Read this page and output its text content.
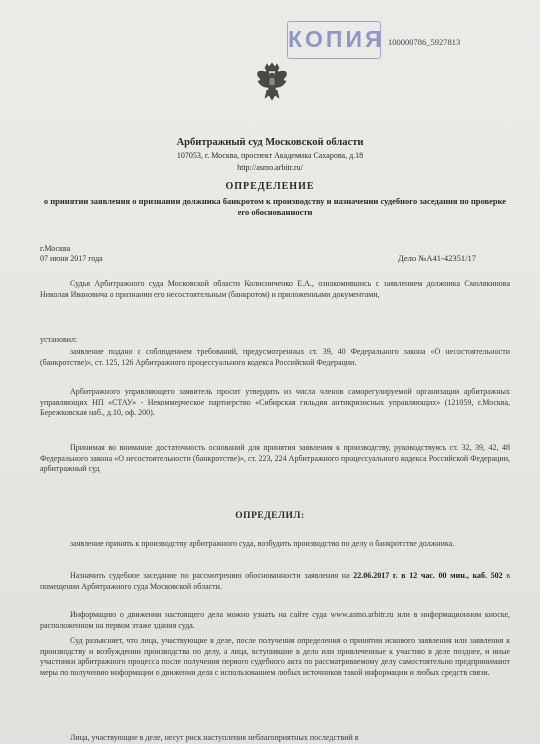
КОПИЯ 100000786_5927813
Арбитражный суд Московской области
107053, г. Москва, проспект Академика Сахарова, д.18
http://asmo.arbitr.ru/
ОПРЕДЕЛЕНИЕ
о принятии заявления о признании должника банкротом к производству и назначении судебного заседания по проверке его обоснованности
г.Москва
07 июня 2017 года	Дело №А41-42351/17
Судья Арбитражного суда Московской области Колисниченко Е.А., ознакомившись с заявлением должника Смолякинова Николая Ивановича о признании его несостоятельным (банкротом) и приложенными документами,
установил:
заявление подано с соблюдением требований, предусмотренных ст. 39, 40 Федерального закона «О несостоятельности (банкротстве)», ст. 125, 126 Арбитражного процессуального кодекса Российской Федерации.
Арбитражного управляющего заявитель просит утвердить из числа членов саморегулируемой организации арбитражных управляющих НП «СТАУ» - Некоммерческое партнерство «Сибирская гильдия антикризисных управляющих» (121059, г.Москва, Бережковская наб., д.10, оф. 200).
Принимая во внимание достаточность оснований для принятия заявления к производству, руководствуясь ст. 32, 39, 42, 48 Федерального закона «О несостоятельности (банкротстве)», ст. 223, 224 Арбитражного процессуального кодекса Российской Федерации, арбитражный суд
ОПРЕДЕЛИЛ:
заявление принять к производству арбитражного суда, возбудить производство по делу о банкротстве должника.
Назначить судебное заседание по рассмотрению обоснованности заявления на 22.06.2017 г. в 12 час. 00 мин., каб. 502 в помещении Арбитражного суда Московской области.
Информацию о движении настоящего дела можно узнать на сайте суда www.asmo.arbitr.ru или в информационном киоске, расположенном на первом этаже здания суда.
Суд разъясняет, что лица, участвующие в деле, после получения определения о принятии искового заявления или заявления к производству и возбуждении производства по делу, а лица, вступившие в дело или привлеченные к участию в деле позднее, и иные участники арбитражного процесса после получения первого судебного акта по рассматриваемому делу самостоятельно предпринимают меры по получению информации о движении дела с использованием любых источников такой информации и любых средств связи.
Лица, участвующие в деле, несут риск наступления неблагоприятных последствий в
